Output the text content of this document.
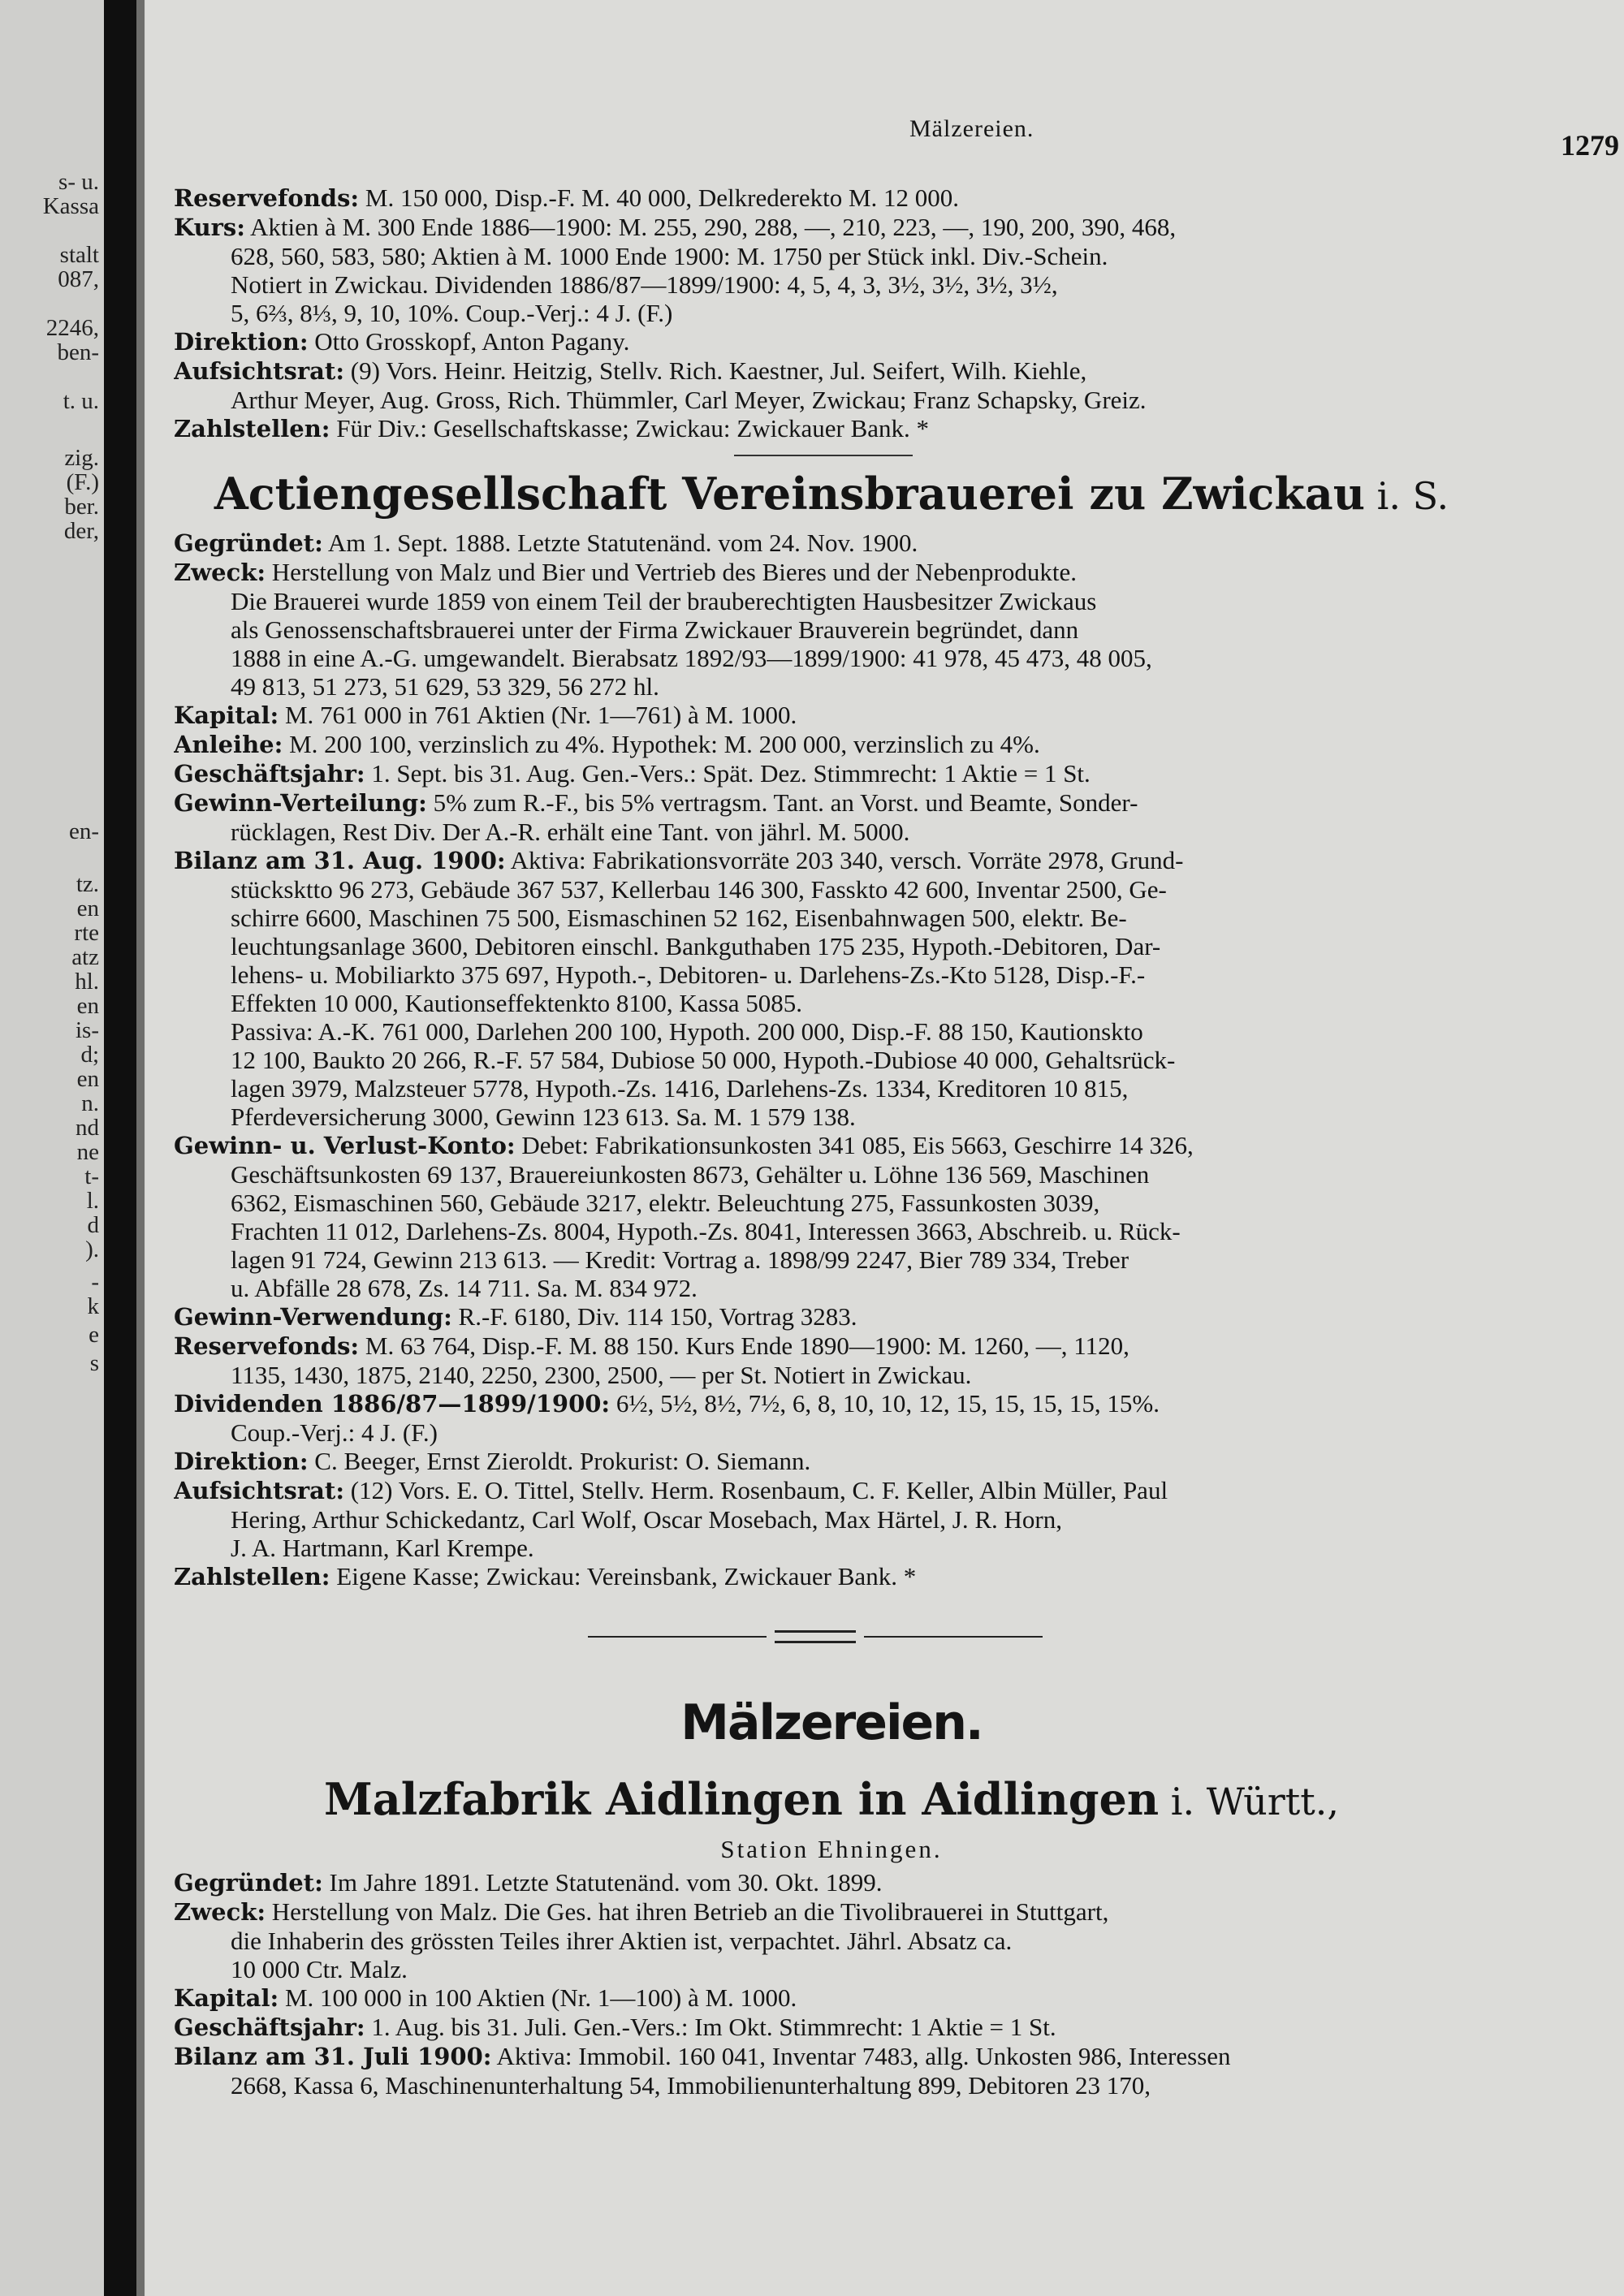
s- u.
Kassa
stalt
087,
2246,
ben-
t. u.
zig.
(F.)
ber.
der,
en-
tz.
en
rte
atz
hl.
en
is-
d;
en
n.
nd
ne
t-
l.
d
).
-
k
e
s
Mälzereien.
1279
Reservefonds: M. 150 000, Disp.-F. M. 40 000, Delkrederekto M. 12 000.
Kurs: Aktien à M. 300 Ende 1886—1900: M. 255, 290, 288, —, 210, 223, —, 190, 200, 390, 468,
628, 560, 583, 580; Aktien à M. 1000 Ende 1900: M. 1750 per Stück inkl. Div.-Schein.
Notiert in Zwickau. Dividenden 1886/87—1899/1900: 4, 5, 4, 3, 3½, 3½, 3½, 3½,
5, 6⅔, 8⅓, 9, 10, 10%. Coup.-Verj.: 4 J. (F.)
Direktion: Otto Grosskopf, Anton Pagany.
Aufsichtsrat: (9) Vors. Heinr. Heitzig, Stellv. Rich. Kaestner, Jul. Seifert, Wilh. Kiehle,
Arthur Meyer, Aug. Gross, Rich. Thümmler, Carl Meyer, Zwickau; Franz Schapsky, Greiz.
Zahlstellen: Für Div.: Gesellschaftskasse; Zwickau: Zwickauer Bank. *
Actiengesellschaft Vereinsbrauerei zu Zwickau i. S.
Gegründet: Am 1. Sept. 1888. Letzte Statutenänd. vom 24. Nov. 1900.
Zweck: Herstellung von Malz und Bier und Vertrieb des Bieres und der Nebenprodukte.
Die Brauerei wurde 1859 von einem Teil der brauberechtigten Hausbesitzer Zwickaus
als Genossenschaftsbrauerei unter der Firma Zwickauer Brauverein begründet, dann
1888 in eine A.-G. umgewandelt. Bierabsatz 1892/93—1899/1900: 41 978, 45 473, 48 005,
49 813, 51 273, 51 629, 53 329, 56 272 hl.
Kapital: M. 761 000 in 761 Aktien (Nr. 1—761) à M. 1000.
Anleihe: M. 200 100, verzinslich zu 4%. Hypothek: M. 200 000, verzinslich zu 4%.
Geschäftsjahr: 1. Sept. bis 31. Aug. Gen.-Vers.: Spät. Dez. Stimmrecht: 1 Aktie = 1 St.
Gewinn-Verteilung: 5% zum R.-F., bis 5% vertragsm. Tant. an Vorst. und Beamte, Sonder-
rücklagen, Rest Div. Der A.-R. erhält eine Tant. von jährl. M. 5000.
Bilanz am 31. Aug. 1900: Aktiva: Fabrikationsvorräte 203 340, versch. Vorräte 2978, Grund-
stücksktto 96 273, Gebäude 367 537, Kellerbau 146 300, Fasskto 42 600, Inventar 2500, Ge-
schirre 6600, Maschinen 75 500, Eismaschinen 52 162, Eisenbahnwagen 500, elektr. Be-
leuchtungsanlage 3600, Debitoren einschl. Bankguthaben 175 235, Hypoth.-Debitoren, Dar-
lehens- u. Mobiliarkto 375 697, Hypoth.-, Debitoren- u. Darlehens-Zs.-Kto 5128, Disp.-F.-
Effekten 10 000, Kautionseffektenkto 8100, Kassa 5085.
Passiva: A.-K. 761 000, Darlehen 200 100, Hypoth. 200 000, Disp.-F. 88 150, Kautionskto
12 100, Baukto 20 266, R.-F. 57 584, Dubiose 50 000, Hypoth.-Dubiose 40 000, Gehaltsrück-
lagen 3979, Malzsteuer 5778, Hypoth.-Zs. 1416, Darlehens-Zs. 1334, Kreditoren 10 815,
Pferdeversicherung 3000, Gewinn 123 613. Sa. M. 1 579 138.
Gewinn- u. Verlust-Konto: Debet: Fabrikationsunkosten 341 085, Eis 5663, Geschirre 14 326,
Geschäftsunkosten 69 137, Brauereiunkosten 8673, Gehälter u. Löhne 136 569, Maschinen
6362, Eismaschinen 560, Gebäude 3217, elektr. Beleuchtung 275, Fassunkosten 3039,
Frachten 11 012, Darlehens-Zs. 8004, Hypoth.-Zs. 8041, Interessen 3663, Abschreib. u. Rück-
lagen 91 724, Gewinn 213 613. — Kredit: Vortrag a. 1898/99 2247, Bier 789 334, Treber
u. Abfälle 28 678, Zs. 14 711. Sa. M. 834 972.
Gewinn-Verwendung: R.-F. 6180, Div. 114 150, Vortrag 3283.
Reservefonds: M. 63 764, Disp.-F. M. 88 150. Kurs Ende 1890—1900: M. 1260, —, 1120,
1135, 1430, 1875, 2140, 2250, 2300, 2500, — per St. Notiert in Zwickau.
Dividenden 1886/87—1899/1900: 6½, 5½, 8½, 7½, 6, 8, 10, 10, 12, 15, 15, 15, 15, 15%.
Coup.-Verj.: 4 J. (F.)
Direktion: C. Beeger, Ernst Zieroldt. Prokurist: O. Siemann.
Aufsichtsrat: (12) Vors. E. O. Tittel, Stellv. Herm. Rosenbaum, C. F. Keller, Albin Müller, Paul
Hering, Arthur Schickedantz, Carl Wolf, Oscar Mosebach, Max Härtel, J. R. Horn,
J. A. Hartmann, Karl Krempe.
Zahlstellen: Eigene Kasse; Zwickau: Vereinsbank, Zwickauer Bank. *
Mälzereien.
Malzfabrik Aidlingen in Aidlingen i. Württ.,
Station Ehningen.
Gegründet: Im Jahre 1891. Letzte Statutenänd. vom 30. Okt. 1899.
Zweck: Herstellung von Malz. Die Ges. hat ihren Betrieb an die Tivolibrauerei in Stuttgart,
die Inhaberin des grössten Teiles ihrer Aktien ist, verpachtet. Jährl. Absatz ca.
10 000 Ctr. Malz.
Kapital: M. 100 000 in 100 Aktien (Nr. 1—100) à M. 1000.
Geschäftsjahr: 1. Aug. bis 31. Juli. Gen.-Vers.: Im Okt. Stimmrecht: 1 Aktie = 1 St.
Bilanz am 31. Juli 1900: Aktiva: Immobil. 160 041, Inventar 7483, allg. Unkosten 986, Interessen
2668, Kassa 6, Maschinenunterhaltung 54, Immobilienunterhaltung 899, Debitoren 23 170,
